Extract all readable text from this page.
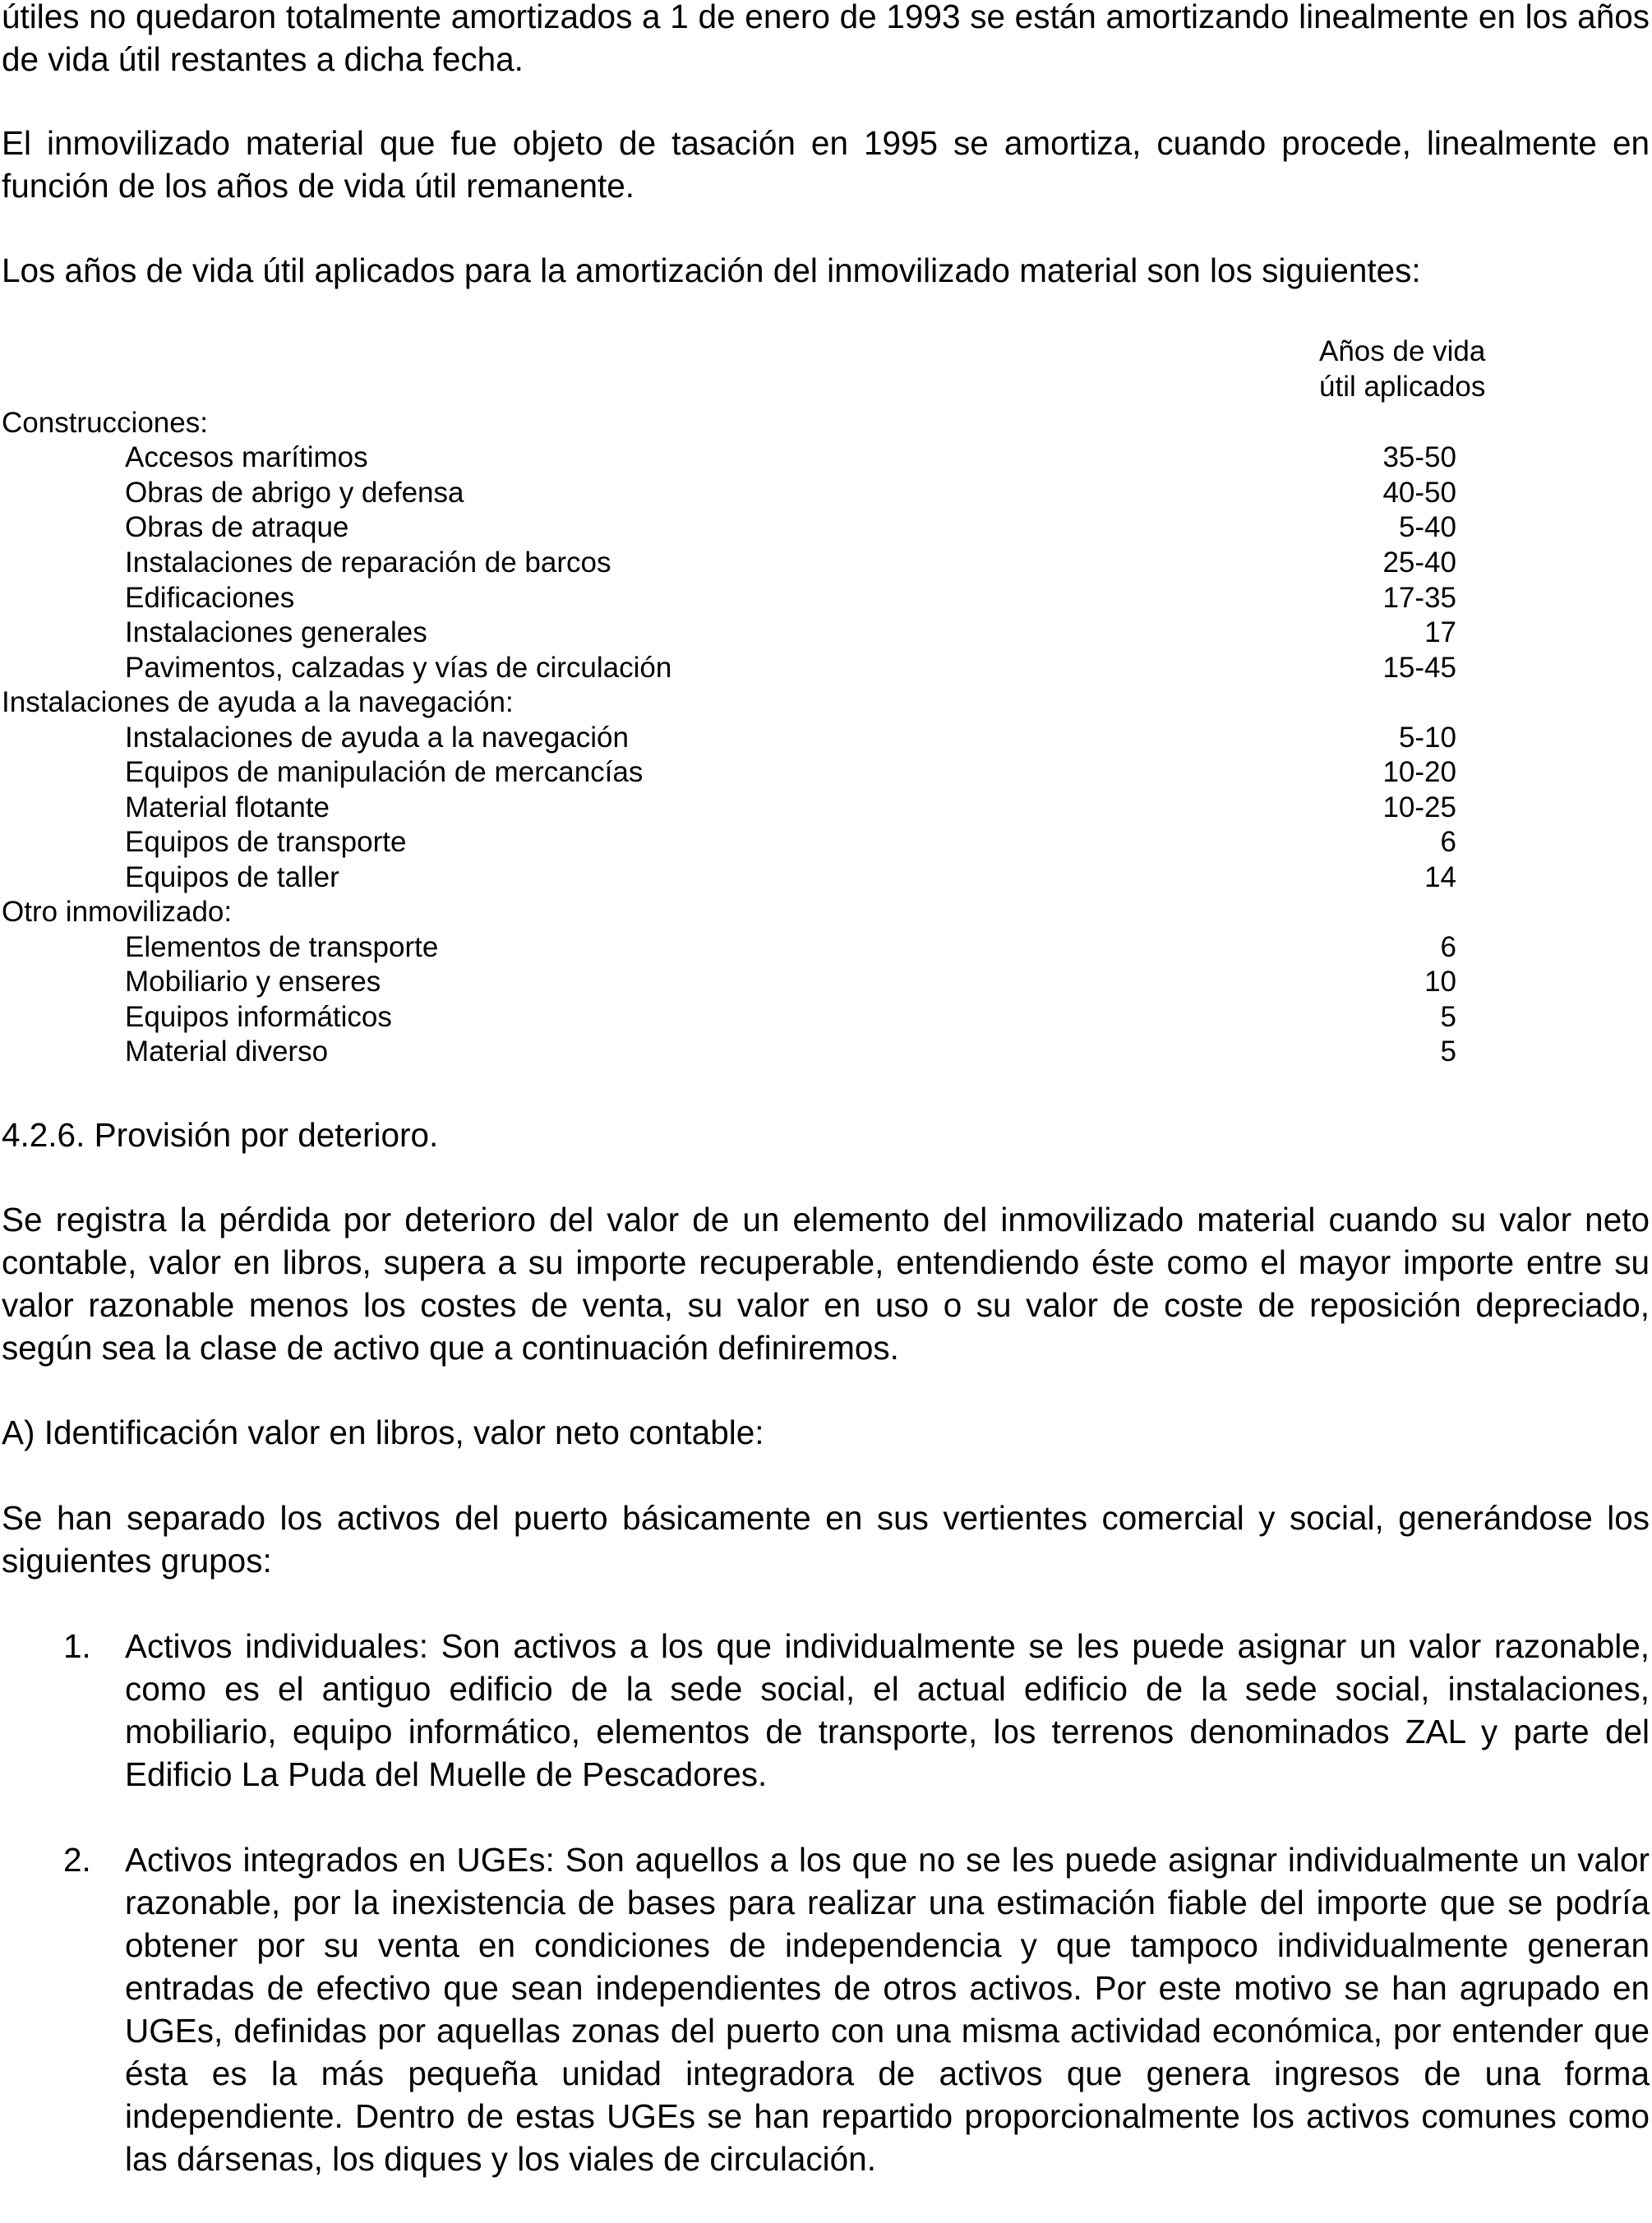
útiles no quedaron totalmente amortizados a 1 de enero de 1993 se están amortizando linealmente en los años de vida útil restantes a dicha fecha.

El inmovilizado material que fue objeto de tasación en 1995 se amortiza, cuando procede, linealmente en función de los años de vida útil remanente.

Los años de vida útil aplicados para la amortización del inmovilizado material son los siguientes:

Años de vida
útil aplicados
Construcciones:
Accesos marítimos	35-50
Obras de abrigo y defensa	40-50
Obras de atraque	5-40
Instalaciones de reparación de barcos	25-40
Edificaciones	17-35
Instalaciones generales	17
Pavimentos, calzadas y vías de circulación	15-45
Instalaciones de ayuda a la navegación:
Instalaciones de ayuda a la navegación	5-10
Equipos de manipulación de mercancías	10-20
Material flotante	10-25
Equipos de transporte	6
Equipos de taller	14
Otro inmovilizado:
Elementos de transporte	6
Mobiliario y enseres	10
Equipos informáticos	5
Material diverso	5
4.2.6. Provisión por deterioro.

Se registra la pérdida por deterioro del valor de un elemento del inmovilizado material cuando su valor neto contable, valor en libros, supera a su importe recuperable, entendiendo éste como el mayor importe entre su valor razonable menos los costes de venta, su valor en uso o su valor de coste de reposición depreciado, según sea la clase de activo que a continuación definiremos.

A) Identificación valor en libros, valor neto contable:

Se han separado los activos del puerto básicamente en sus vertientes comercial y social, generándose los siguientes grupos:

1. Activos individuales: Son activos a los que individualmente se les puede asignar un valor razonable, como es el antiguo edificio de la sede social, el actual edificio de la sede social, instalaciones, mobiliario, equipo informático, elementos de transporte, los terrenos denominados ZAL y parte del Edificio La Puda del Muelle de Pescadores.

2. Activos integrados en UGEs: Son aquellos a los que no se les puede asignar individualmente un valor razonable, por la inexistencia de bases para realizar una estimación fiable del importe que se podría obtener por su venta en condiciones de independencia y que tampoco individualmente generan entradas de efectivo que sean independientes de otros activos. Por este motivo se han agrupado en UGEs, definidas por aquellas zonas del puerto con una misma actividad económica, por entender que ésta es la más pequeña unidad integradora de activos que genera ingresos de una forma independiente. Dentro de estas UGEs se han repartido proporcionalmente los activos comunes como las dársenas, los diques y los viales de circulación.
